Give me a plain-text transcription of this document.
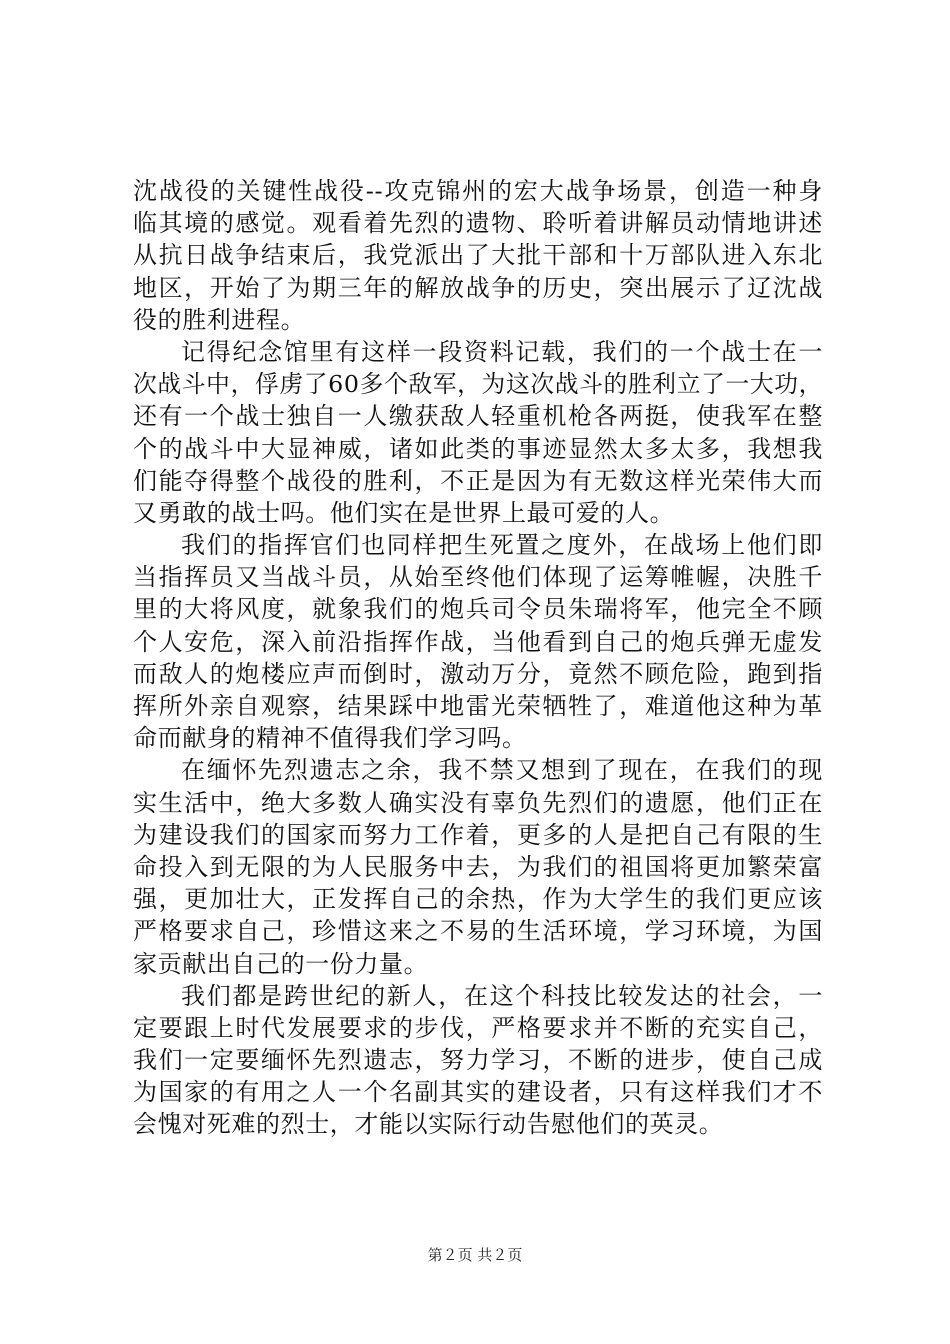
沈战役的关键性战役--攻克锦州的宏大战争场景，创造一种身
临其境的感觉。观看着先烈的遗物、聆听着讲解员动情地讲述
从抗日战争结束后，我党派出了大批干部和十万部队进入东北
地区，开始了为期三年的解放战争的历史，突出展示了辽沈战
役的胜利进程。
记得纪念馆里有这样一段资料记载，我们的一个战士在一
次战斗中，俘虏了60多个敌军，为这次战斗的胜利立了一大功，
还有一个战士独自一人缴获敌人轻重机枪各两挺，使我军在整
个的战斗中大显神威，诸如此类的事迹显然太多太多，我想我
们能夺得整个战役的胜利，不正是因为有无数这样光荣伟大而
又勇敢的战士吗。他们实在是世界上最可爱的人。
我们的指挥官们也同样把生死置之度外，在战场上他们即
当指挥员又当战斗员，从始至终他们体现了运筹帷幄，决胜千
里的大将风度，就象我们的炮兵司令员朱瑞将军，他完全不顾
个人安危，深入前沿指挥作战，当他看到自己的炮兵弹无虚发
而敌人的炮楼应声而倒时，激动万分，竟然不顾危险，跑到指
挥所外亲自观察，结果踩中地雷光荣牺牲了，难道他这种为革
命而献身的精神不值得我们学习吗。
在缅怀先烈遗志之余，我不禁又想到了现在，在我们的现
实生活中，绝大多数人确实没有辜负先烈们的遗愿，他们正在
为建设我们的国家而努力工作着，更多的人是把自己有限的生
命投入到无限的为人民服务中去，为我们的祖国将更加繁荣富
强，更加壮大，正发挥自己的余热，作为大学生的我们更应该
严格要求自己，珍惜这来之不易的生活环境，学习环境，为国
家贡献出自己的一份力量。
我们都是跨世纪的新人，在这个科技比较发达的社会，一
定要跟上时代发展要求的步伐，严格要求并不断的充实自己，
我们一定要缅怀先烈遗志，努力学习，不断的进步，使自己成
为国家的有用之人一个名副其实的建设者，只有这样我们才不
会愧对死难的烈士，才能以实际行动告慰他们的英灵。
第２页 共２页
